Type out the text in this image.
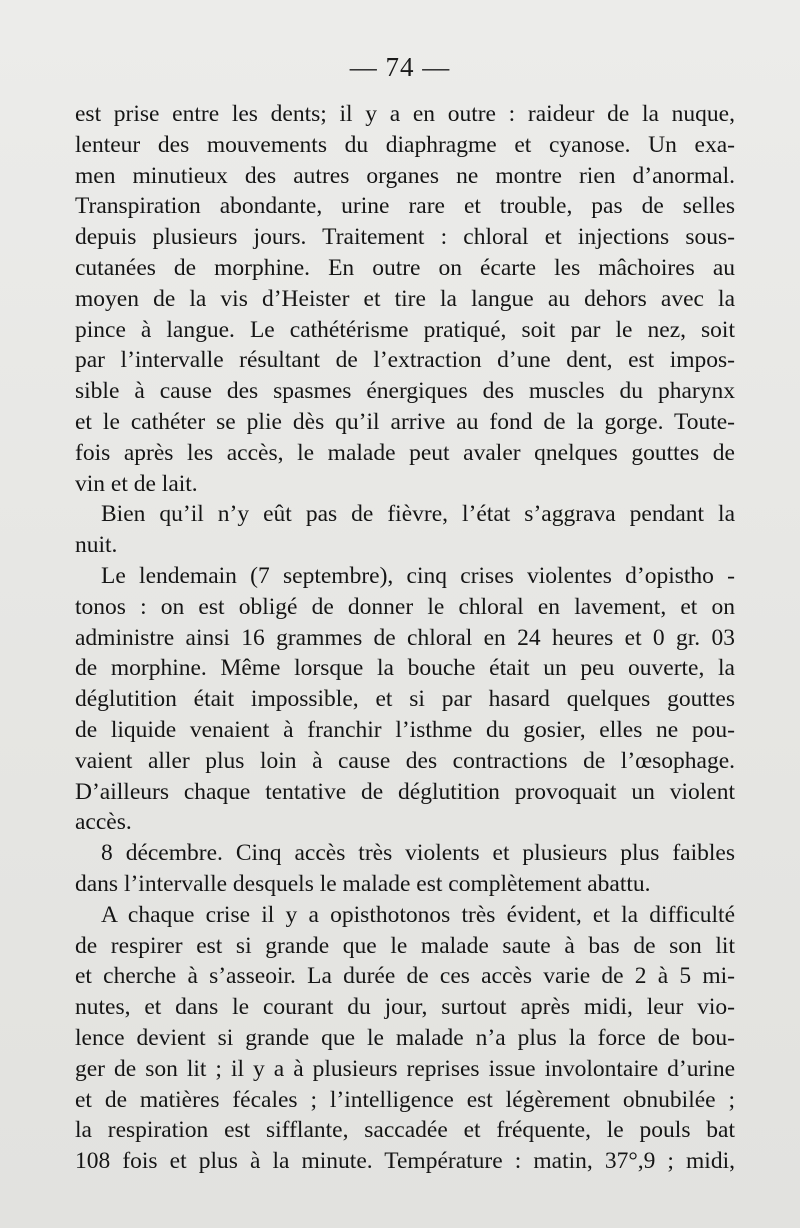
— 74 —
est prise entre les dents; il y a en outre : raideur de la nuque,
lenteur des mouvements du diaphragme et cyanose. Un exa-
men minutieux des autres organes ne montre rien d’anormal.
Transpiration abondante, urine rare et trouble, pas de selles
depuis plusieurs jours. Traitement : chloral et injections sous-
cutanées de morphine. En outre on écarte les mâchoires au
moyen de la vis d’Heister et tire la langue au dehors avec la
pince à langue. Le cathétérisme pratiqué, soit par le nez, soit
par l’intervalle résultant de l’extraction d’une dent, est impos-
sible à cause des spasmes énergiques des muscles du pharynx
et le cathéter se plie dès qu’il arrive au fond de la gorge. Toute-
fois après les accès, le malade peut avaler qnelques gouttes de
vin et de lait.
Bien qu’il n’y eût pas de fièvre, l’état s’aggrava pendant la
nuit.
Le lendemain (7 septembre), cinq crises violentes d’opistho -
tonos : on est obligé de donner le chloral en lavement, et on
administre ainsi 16 grammes de chloral en 24 heures et 0 gr. 03
de morphine. Même lorsque la bouche était un peu ouverte, la
déglutition était impossible, et si par hasard quelques gouttes
de liquide venaient à franchir l’isthme du gosier, elles ne pou-
vaient aller plus loin à cause des contractions de l’œsophage.
D’ailleurs chaque tentative de déglutition provoquait un violent
accès.
8 décembre. Cinq accès très violents et plusieurs plus faibles
dans l’intervalle desquels le malade est complètement abattu.
A chaque crise il y a opisthotonos très évident, et la difficulté
de respirer est si grande que le malade saute à bas de son lit
et cherche à s’asseoir. La durée de ces accès varie de 2 à 5 mi-
nutes, et dans le courant du jour, surtout après midi, leur vio-
lence devient si grande que le malade n’a plus la force de bou-
ger de son lit ; il y a à plusieurs reprises issue involontaire d’urine
et de matières fécales ; l’intelligence est légèrement obnubilée ;
la respiration est sifflante, saccadée et fréquente, le pouls bat
108 fois et plus à la minute. Température : matin, 37°,9 ; midi,
